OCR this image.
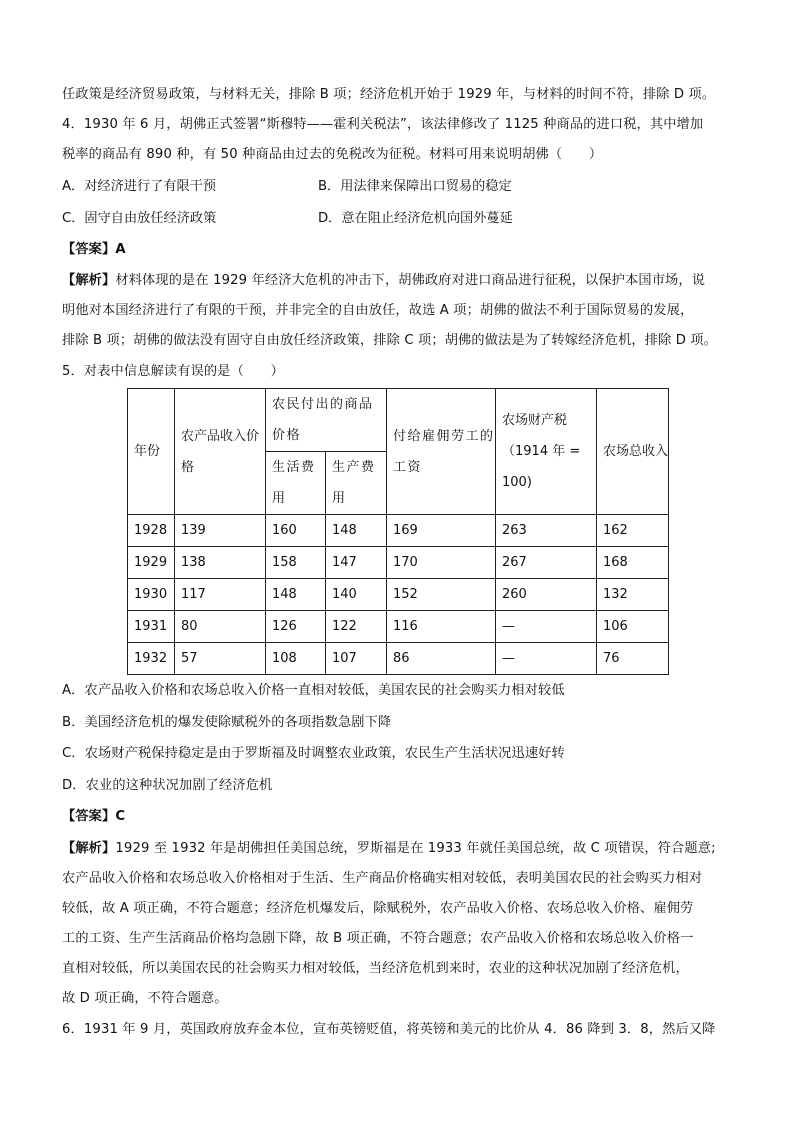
任政策是经济贸易政策，与材料无关，排除 B 项；经济危机开始于 1929 年，与材料的时间不符，排除 D 项。
4．1930 年 6 月，胡佛正式签署“斯穆特——霍利关税法”，该法律修改了 1125 种商品的进口税，其中增加
税率的商品有 890 种，有 50 种商品由过去的免税改为征税。材料可用来说明胡佛（　　）
A．对经济进行了有限干预	B．用法律来保障出口贸易的稳定
C．固守自由放任经济政策	D．意在阻止经济危机向国外蔓延
【答案】A
【解析】材料体现的是在 1929 年经济大危机的冲击下，胡佛政府对进口商品进行征税，以保护本国市场，说
明他对本国经济进行了有限的干预，并非完全的自由放任，故选 A 项；胡佛的做法不利于国际贸易的发展，
排除 B 项；胡佛的做法没有固守自由放任经济政策，排除 C 项；胡佛的做法是为了转嫁经济危机，排除 D 项。
5．对表中信息解读有误的是（　　）
年份	农产品收入价格	农民付出的商品价格		付给雇佣劳工的工资	农场财产税（1914 年 = 100)	农场总收入
		生活费用	生产费用			
1928	139	160	148	169	263	162
1929	138	158	147	170	267	168
1930	117	148	140	152	260	132
1931	80	126	122	116	—	106
1932	57	108	107	86	—	76
A．农产品收入价格和农场总收入价格一直相对较低，美国农民的社会购买力相对较低
B．美国经济危机的爆发使除赋税外的各项指数急剧下降
C．农场财产税保持稳定是由于罗斯福及时调整农业政策，农民生产生活状况迅速好转
D．农业的这种状况加剧了经济危机
【答案】C
【解析】1929 至 1932 年是胡佛担任美国总统，罗斯福是在 1933 年就任美国总统，故 C 项错误，符合题意;
农产品收入价格和农场总收入价格相对于生活、生产商品价格确实相对较低，表明美国农民的社会购买力相对
较低，故 A 项正确，不符合题意；经济危机爆发后，除赋税外，农产品收入价格、农场总收入价格、雇佣劳
工的工资、生产生活商品价格均急剧下降，故 B 项正确，不符合题意；农产品收入价格和农场总收入价格一
直相对较低，所以美国农民的社会购买力相对较低，当经济危机到来时，农业的这种状况加剧了经济危机，
故 D 项正确，不符合题意。
6．1931 年 9 月，英国政府放弃金本位，宣布英镑贬值，将英镑和美元的比价从 4．86 降到 3．8，然后又降
